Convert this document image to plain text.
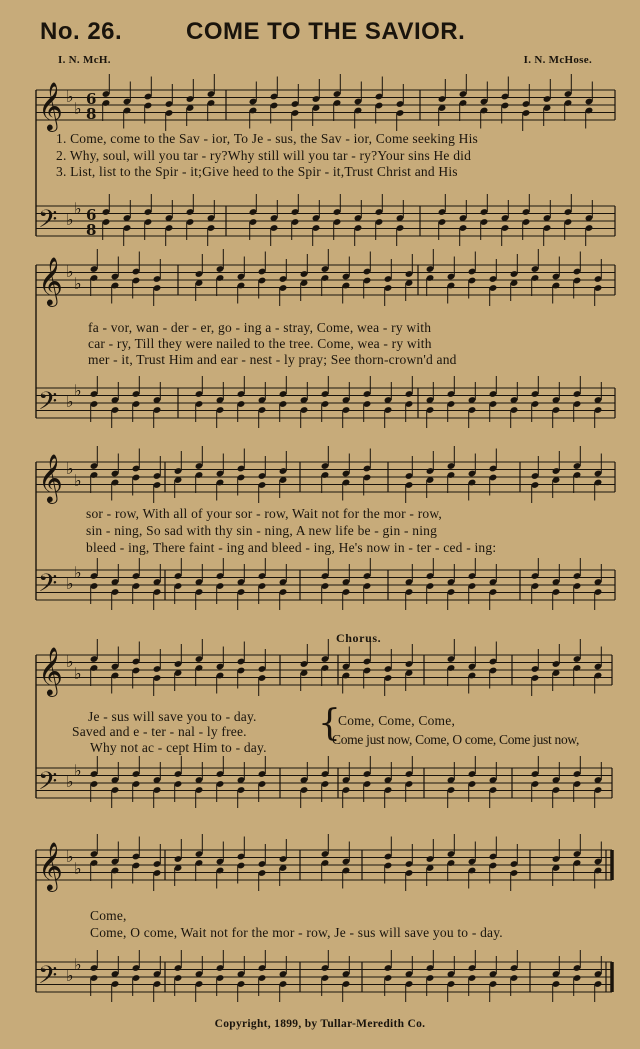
No. 26.	COME TO THE SAVIOR.
I. N. McH.	I. N. McHose.
𝄞 ♭
♭ 6
8
𝄢 ♭
♭ 6
8
𝄞 ♭
♭
𝄢 ♭
♭
𝄞 ♭
♭
𝄢 ♭
♭
𝄞 ♭
♭
𝄢 ♭
♭
𝄞 ♭
♭
𝄢 ♭
♭
1. Come, come to the Sav - ior, To Je - sus, the Sav - ior, Come seeking His
2. Why, soul, will you tar - ry?Why still will you tar - ry?Your sins He did
3. List, list to the Spir - it;Give heed to the Spir - it,Trust Christ and His
fa - vor, wan - der - er, go - ing a - stray, Come, wea - ry with
car - ry, Till they were nailed to the tree. Come, wea - ry with
mer - it, Trust Him and ear - nest - ly pray; See thorn-crown'd and
sor - row, With all of your sor - row, Wait not for the mor - row,
sin - ning, So sad with thy sin - ning, A new life be - gin - ning
bleed - ing, There faint - ing and bleed - ing, He's now in - ter - ced - ing:
Je - sus will save you to - day.
Saved and e - ter - nal - ly free.
Why not ac - cept Him to - day.
{
Come, Come, Come,
Come just now, Come, O come, Come just now,
Chorus.
Come,
Come, O come, Wait not for the mor - row, Je - sus will save you to - day.
Copyright, 1899, by Tullar-Meredith Co.
